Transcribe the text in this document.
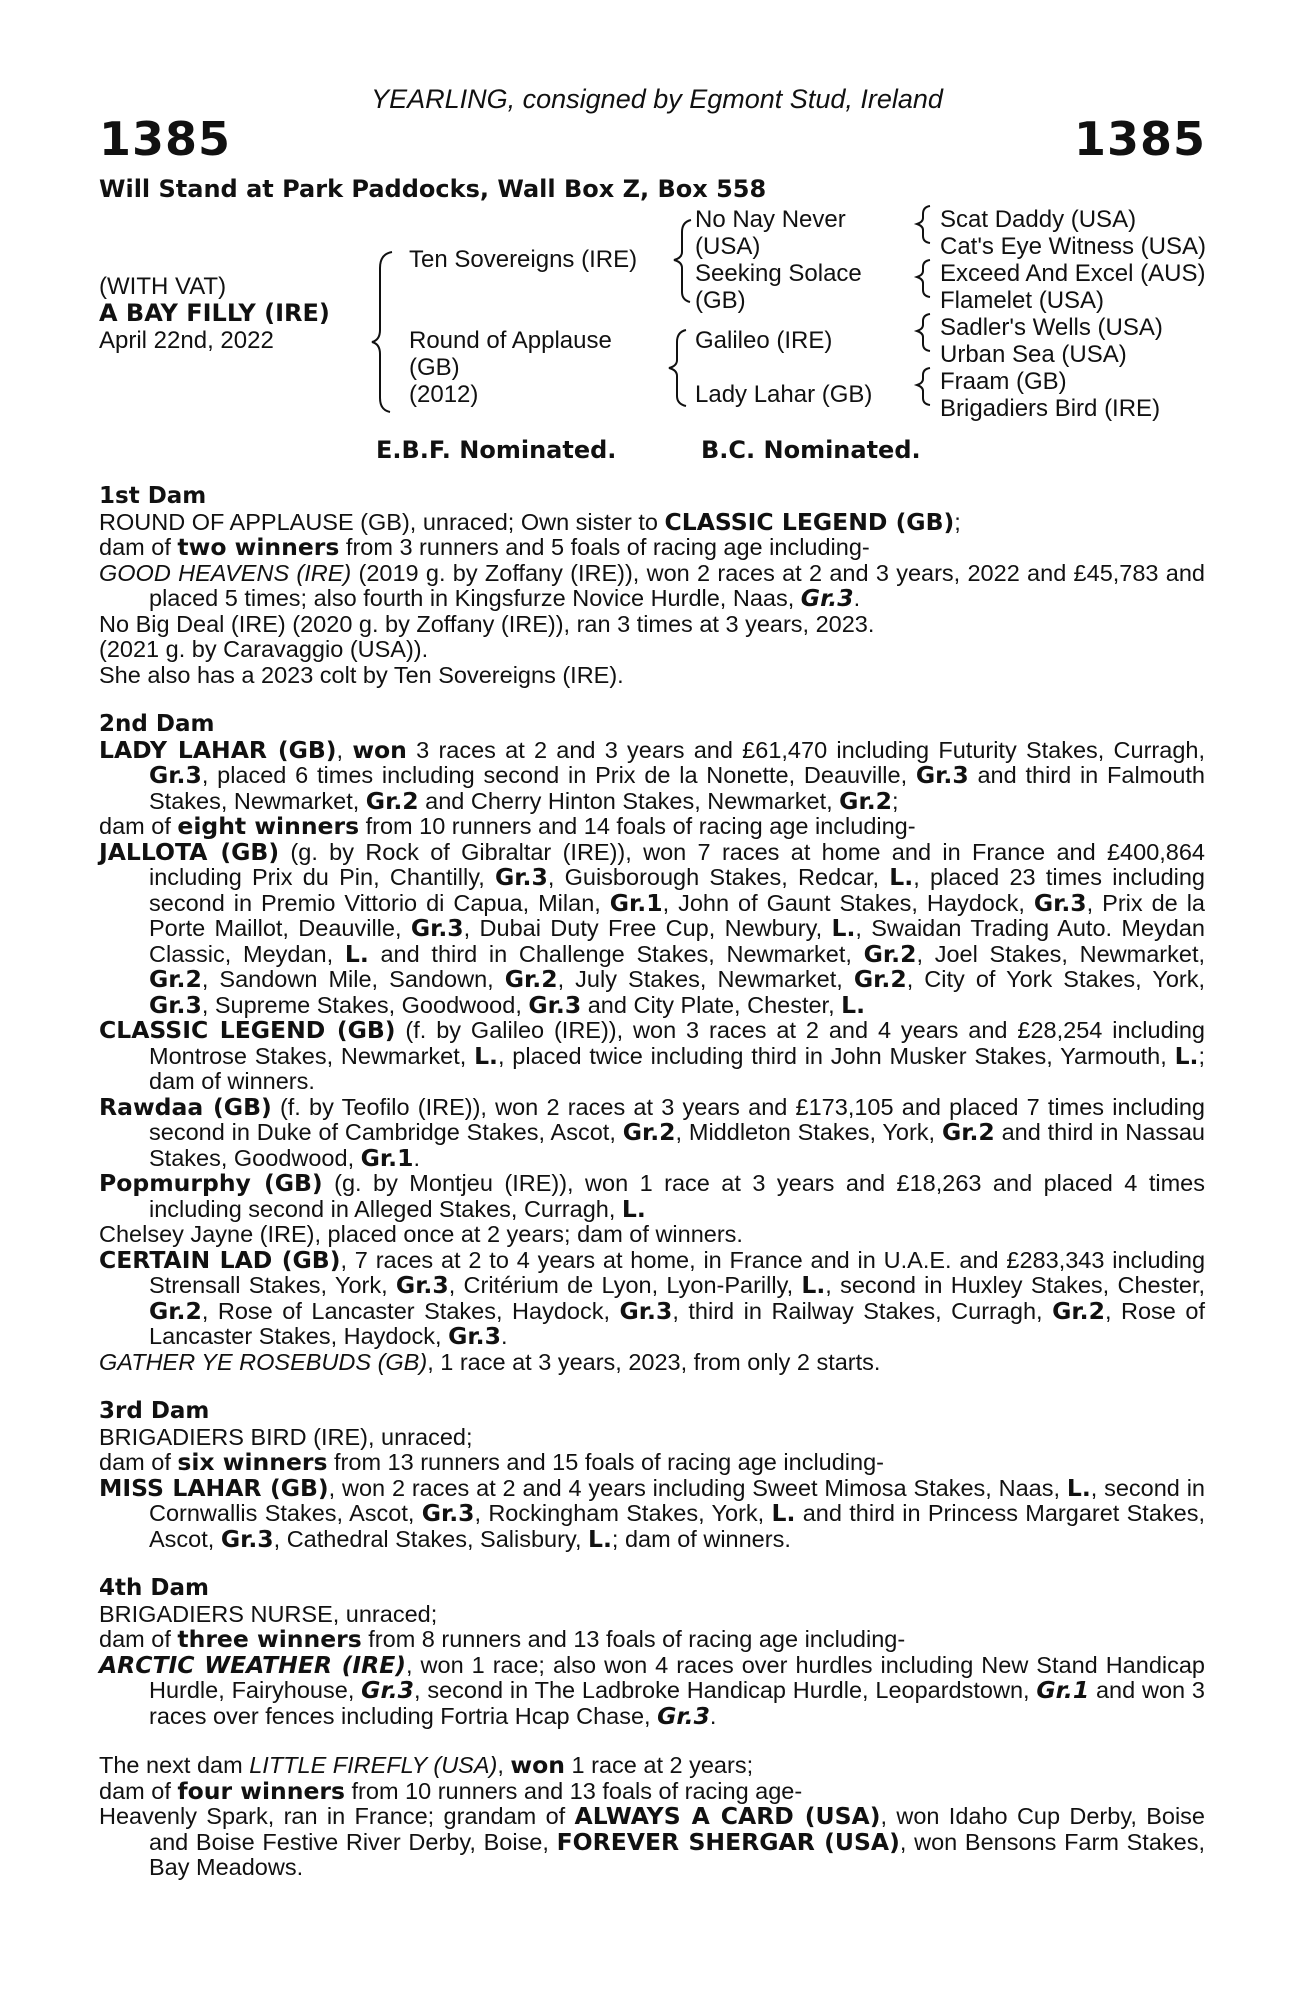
YEARLING, consigned by Egmont Stud, Ireland
1385	1385
Will Stand at Park Paddocks, Wall Box Z, Box 558
(WITH VAT)
A BAY FILLY (IRE)
April 22nd, 2022
Ten Sovereigns (IRE)
Round of Applause
(GB)
(2012)
No Nay Never
(USA)
Seeking Solace
(GB)
Galileo (IRE)
Lady Lahar (GB)
Scat Daddy (USA)
Cat's Eye Witness (USA)
Exceed And Excel (AUS)
Flamelet (USA)
Sadler's Wells (USA)
Urban Sea (USA)
Fraam (GB)
Brigadiers Bird (IRE)
E.B.F. Nominated.	B.C. Nominated.
1st Dam

ROUND OF APPLAUSE (GB), unraced; Own sister to CLASSIC LEGEND (GB);

dam of two winners from 3 runners and 5 foals of racing age including-

GOOD HEAVENS (IRE) (2019 g. by Zoffany (IRE)), won 2 races at 2 and 3 years, 2022 and £45,783 and placed 5 times; also fourth in Kingsfurze Novice Hurdle, Naas, Gr.3.

No Big Deal (IRE) (2020 g. by Zoffany (IRE)), ran 3 times at 3 years, 2023.

(2021 g. by Caravaggio (USA)).

She also has a 2023 colt by Ten Sovereigns (IRE).

2nd Dam

LADY LAHAR (GB), won 3 races at 2 and 3 years and £61,470 including Futurity Stakes, Curragh, Gr.3, placed 6 times including second in Prix de la Nonette, Deauville, Gr.3 and third in Falmouth Stakes, Newmarket, Gr.2 and Cherry Hinton Stakes, Newmarket, Gr.2;

dam of eight winners from 10 runners and 14 foals of racing age including-

JALLOTA (GB) (g. by Rock of Gibraltar (IRE)), won 7 races at home and in France and £400,864 including Prix du Pin, Chantilly, Gr.3, Guisborough Stakes, Redcar, L., placed 23 times including second in Premio Vittorio di Capua, Milan, Gr.1, John of Gaunt Stakes, Haydock, Gr.3, Prix de la Porte Maillot, Deauville, Gr.3, Dubai Duty Free Cup, Newbury, L., Swaidan Trading Auto. Meydan Classic, Meydan, L. and third in Challenge Stakes, Newmarket, Gr.2, Joel Stakes, Newmarket, Gr.2, Sandown Mile, Sandown, Gr.2, July Stakes, Newmarket, Gr.2, City of York Stakes, York, Gr.3, Supreme Stakes, Goodwood, Gr.3 and City Plate, Chester, L.

CLASSIC LEGEND (GB) (f. by Galileo (IRE)), won 3 races at 2 and 4 years and £28,254 including Montrose Stakes, Newmarket, L., placed twice including third in John Musker Stakes, Yarmouth, L.; dam of winners.

Rawdaa (GB) (f. by Teofilo (IRE)), won 2 races at 3 years and £173,105 and placed 7 times including second in Duke of Cambridge Stakes, Ascot, Gr.2, Middleton Stakes, York, Gr.2 and third in Nassau Stakes, Goodwood, Gr.1.

Popmurphy (GB) (g. by Montjeu (IRE)), won 1 race at 3 years and £18,263 and placed 4 times including second in Alleged Stakes, Curragh, L.

Chelsey Jayne (IRE), placed once at 2 years; dam of winners.

CERTAIN LAD (GB), 7 races at 2 to 4 years at home, in France and in U.A.E. and £283,343 including Strensall Stakes, York, Gr.3, Critérium de Lyon, Lyon-Parilly, L., second in Huxley Stakes, Chester, Gr.2, Rose of Lancaster Stakes, Haydock, Gr.3, third in Railway Stakes, Curragh, Gr.2, Rose of Lancaster Stakes, Haydock, Gr.3.

GATHER YE ROSEBUDS (GB), 1 race at 3 years, 2023, from only 2 starts.

3rd Dam

BRIGADIERS BIRD (IRE), unraced;

dam of six winners from 13 runners and 15 foals of racing age including-

MISS LAHAR (GB), won 2 races at 2 and 4 years including Sweet Mimosa Stakes, Naas, L., second in Cornwallis Stakes, Ascot, Gr.3, Rockingham Stakes, York, L. and third in Princess Margaret Stakes, Ascot, Gr.3, Cathedral Stakes, Salisbury, L.; dam of winners.

4th Dam

BRIGADIERS NURSE, unraced;

dam of three winners from 8 runners and 13 foals of racing age including-

ARCTIC WEATHER (IRE), won 1 race; also won 4 races over hurdles including New Stand Handicap Hurdle, Fairyhouse, Gr.3, second in The Ladbroke Handicap Hurdle, Leopardstown, Gr.1 and won 3 races over fences including Fortria Hcap Chase, Gr.3.

The next dam LITTLE FIREFLY (USA), won 1 race at 2 years;

dam of four winners from 10 runners and 13 foals of racing age-

Heavenly Spark, ran in France; grandam of ALWAYS A CARD (USA), won Idaho Cup Derby, Boise and Boise Festive River Derby, Boise, FOREVER SHERGAR (USA), won Bensons Farm Stakes, Bay Meadows.
